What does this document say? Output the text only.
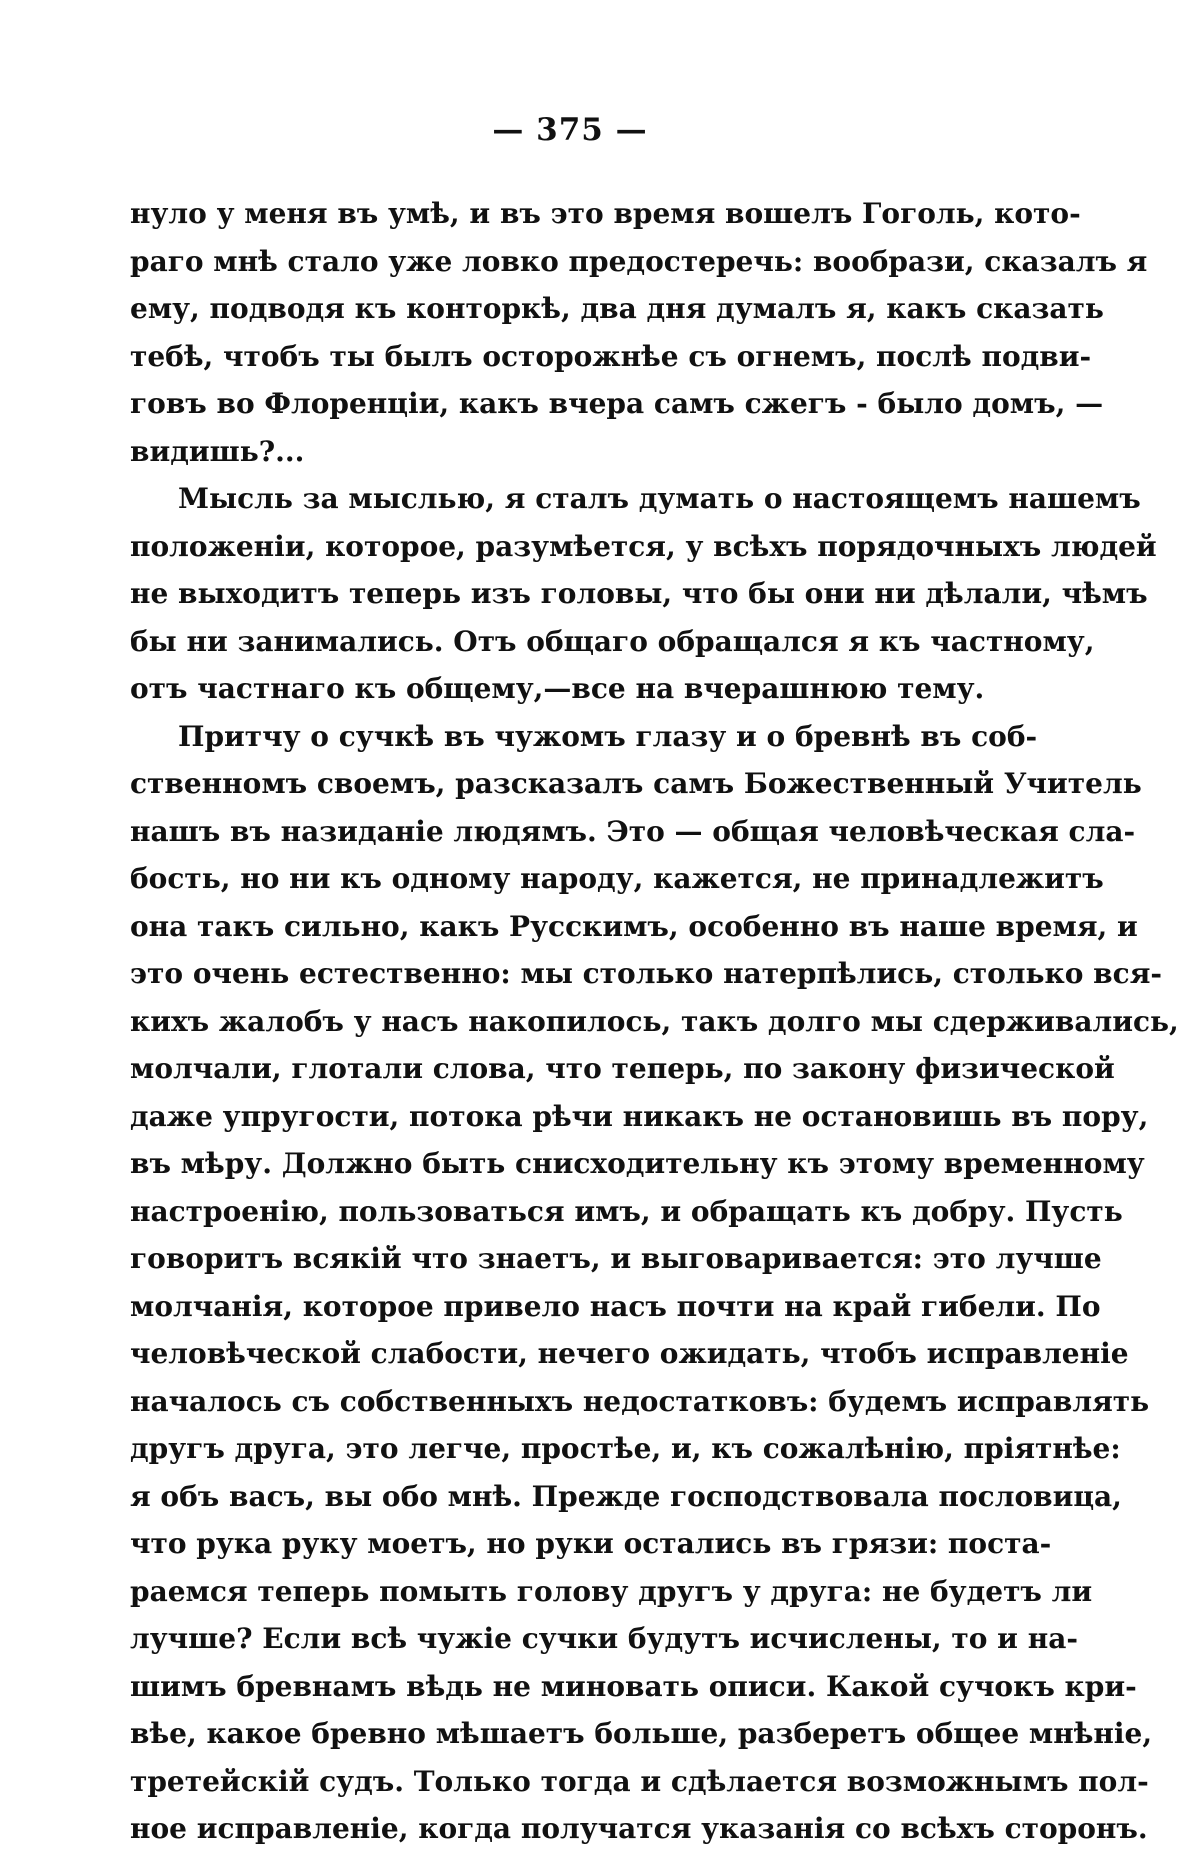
— 375 —
нуло у меня въ умѣ, и въ это время вошелъ Гоголь, кото-
раго мнѣ стало уже ловко предостеречь: вообрази, сказалъ я
ему, подводя къ конторкѣ, два дня думалъ я, какъ сказать
тебѣ, чтобъ ты былъ осторожнѣе съ огнемъ, послѣ подви-
говъ во Флоренціи, какъ вчера самъ сжегъ - было домъ, —
видишь?...
Мысль за мыслью, я сталъ думать о настоящемъ нашемъ
положеніи, которое, разумѣется, у всѣхъ порядочныхъ людей
не выходитъ теперь изъ головы, что бы они ни дѣлали, чѣмъ
бы ни занимались. Отъ общаго обращался я къ частному,
отъ частнаго къ общему,—все на вчерашнюю тему.
Притчу о сучкѣ въ чужомъ глазу и о бревнѣ въ соб-
ственномъ своемъ, разсказалъ самъ Божественный Учитель
нашъ въ назиданіе людямъ. Это — общая человѣческая сла-
бость, но ни къ одному народу, кажется, не принадлежитъ
она такъ сильно, какъ Русскимъ, особенно въ наше время, и
это очень естественно: мы столько натерпѣлись, столько вся-
кихъ жалобъ у насъ накопилось, такъ долго мы сдерживались,
молчали, глотали слова, что теперь, по закону физической
даже упругости, потока рѣчи никакъ не остановишь въ пору,
въ мѣру. Должно быть снисходительну къ этому временному
настроенію, пользоваться имъ, и обращать къ добру. Пусть
говоритъ всякій что знаетъ, и выговаривается: это лучше
молчанія, которое привело насъ почти на край гибели. По
человѣческой слабости, нечего ожидать, чтобъ исправленіе
началось съ собственныхъ недостатковъ: будемъ исправлять
другъ друга, это легче, простѣе, и, къ сожалѣнію, пріятнѣе:
я объ васъ, вы обо мнѣ. Прежде господствовала пословица,
что рука руку моетъ, но руки остались въ грязи: поста-
раемся теперь помыть голову другъ у друга: не будетъ ли
лучше? Если всѣ чужіе сучки будутъ исчислены, то и на-
шимъ бревнамъ вѣдь не миновать описи. Какой сучокъ кри-
вѣе, какое бревно мѣшаетъ больше, разберетъ общее мнѣніе,
третейскій судъ. Только тогда и сдѣлается возможнымъ пол-
ное исправленіе, когда получатся указанія со всѣхъ сторонъ.
